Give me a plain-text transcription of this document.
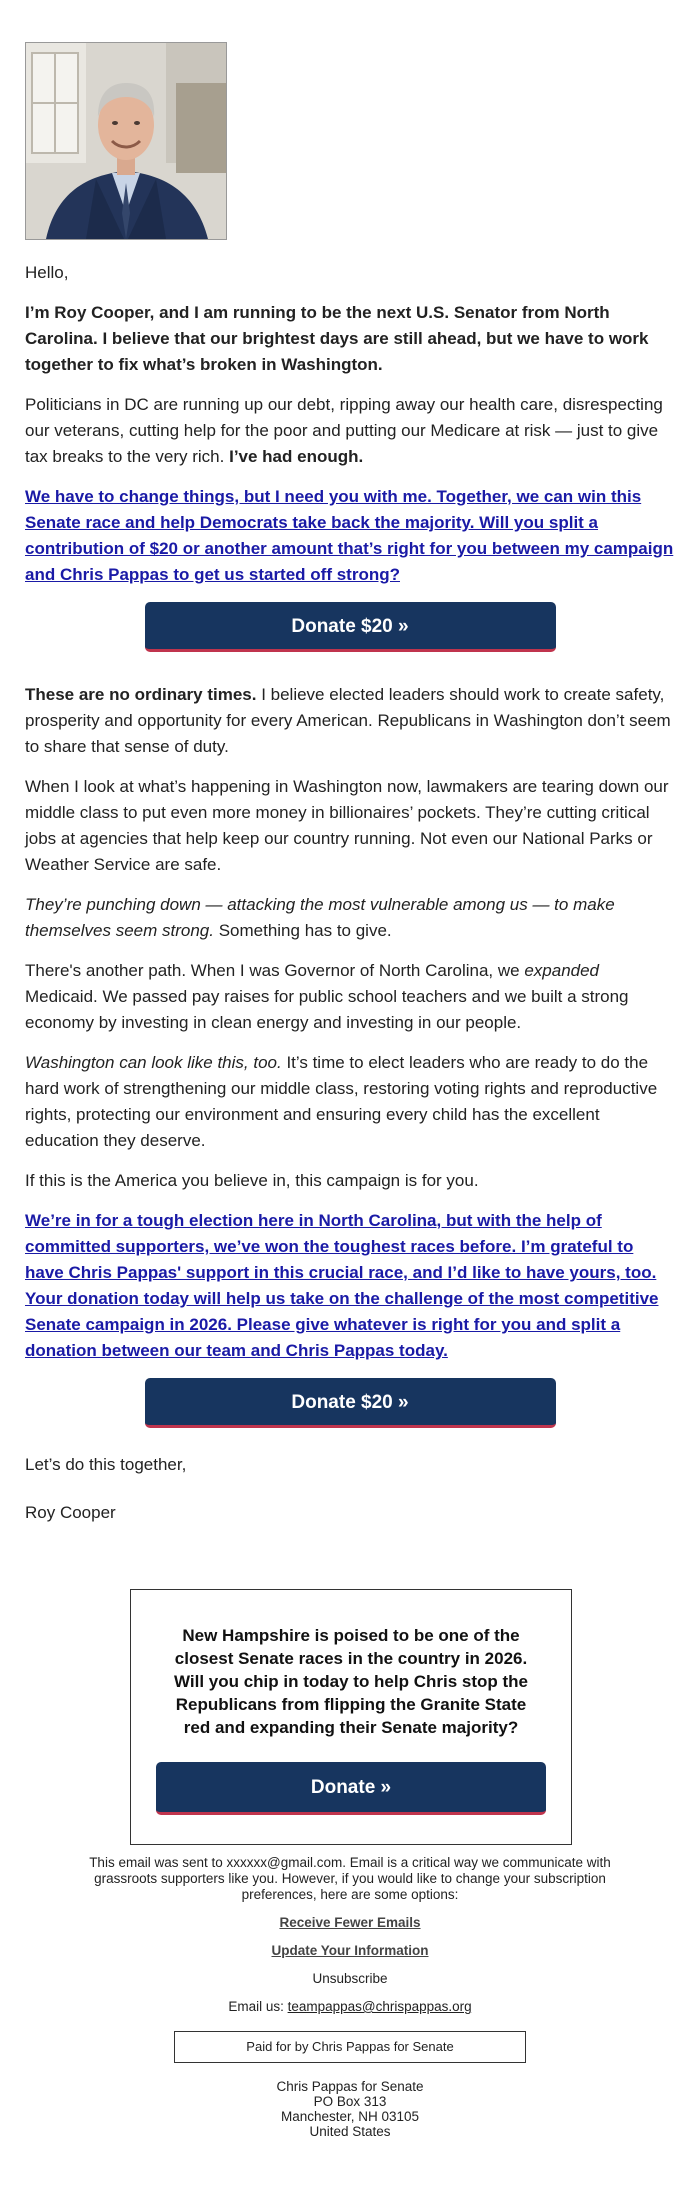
Hello,

I’m Roy Cooper, and I am running to be the next U.S. Senator from North Carolina. I believe that our brightest days are still ahead, but we have to work together to fix what’s broken in Washington.

Politicians in DC are running up our debt, ripping away our health care, disrespecting our veterans, cutting help for the poor and putting our Medicare at risk — just to give tax breaks to the very rich. I’ve had enough.

We have to change things, but I need you with me. Together, we can win this Senate race and help Democrats take back the majority. Will you split a contribution of $20 or another amount that’s right for you between my campaign and Chris Pappas to get us started off strong?

Donate $20 »

These are no ordinary times. I believe elected leaders should work to create safety, prosperity and opportunity for every American. Republicans in Washington don’t seem to share that sense of duty.

When I look at what’s happening in Washington now, lawmakers are tearing down our middle class to put even more money in billionaires’ pockets. They’re cutting critical jobs at agencies that help keep our country running. Not even our National Parks or Weather Service are safe.

They’re punching down — attacking the most vulnerable among us — to make themselves seem strong. Something has to give.

There's another path. When I was Governor of North Carolina, we expanded Medicaid. We passed pay raises for public school teachers and we built a strong economy by investing in clean energy and investing in our people.

Washington can look like this, too. It’s time to elect leaders who are ready to do the hard work of strengthening our middle class, restoring voting rights and reproductive rights, protecting our environment and ensuring every child has the excellent education they deserve.

If this is the America you believe in, this campaign is for you.

We’re in for a tough election here in North Carolina, but with the help of committed supporters, we’ve won the toughest races before. I’m grateful to have Chris Pappas' support in this crucial race, and I’d like to have yours, too. Your donation today will help us take on the challenge of the most competitive Senate campaign in 2026. Please give whatever is right for you and split a donation between our team and Chris Pappas today.

Donate $20 »

Let’s do this together,

Roy Cooper

New Hampshire is poised to be one of the closest Senate races in the country in 2026. Will you chip in today to help Chris stop the Republicans from flipping the Granite State red and expanding their Senate majority?
Donate »

This email was sent to xxxxxx@gmail.com. Email is a critical way we communicate with grassroots supporters like you. However, if you would like to change your subscription preferences, here are some options:

Receive Fewer Emails
Update Your Information

Unsubscribe

Email us: teampappas@chrispappas.org

Paid for by Chris Pappas for Senate

Chris Pappas for Senate

PO Box 313

Manchester, NH 03105

United States
